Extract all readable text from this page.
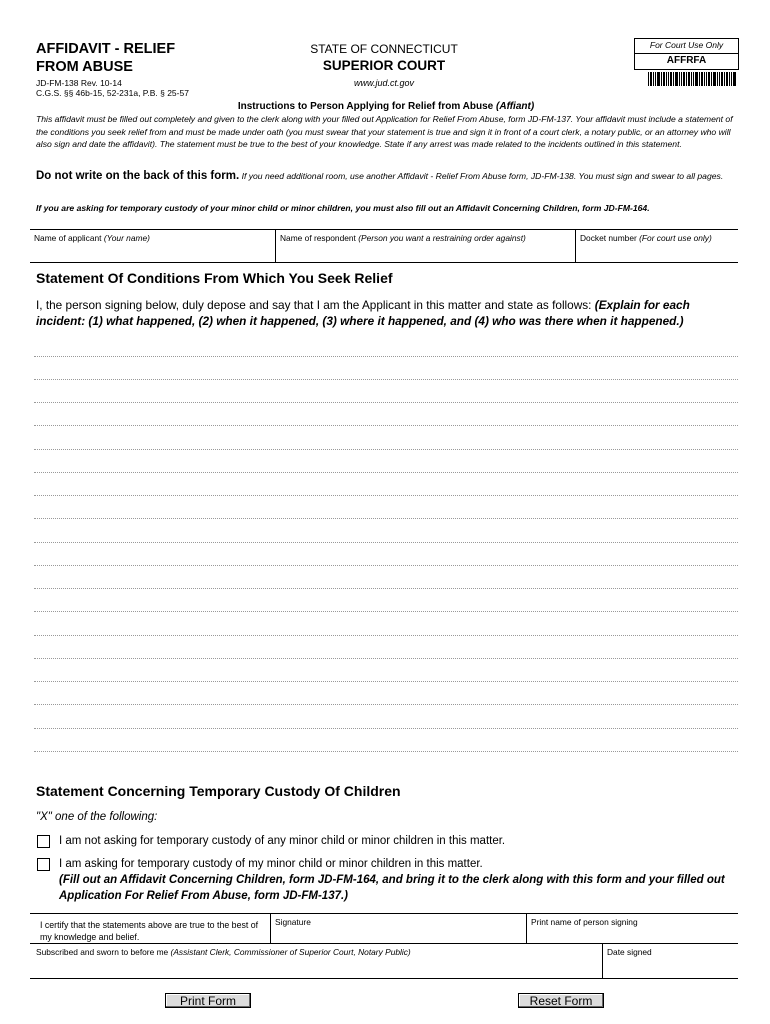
AFFIDAVIT - RELIEF
FROM ABUSE
JD-FM-138 Rev. 10-14
C.G.S. §§ 46b-15, 52-231a, P.B. § 25-57
STATE OF CONNECTICUT
SUPERIOR COURT
www.jud.ct.gov
For Court Use Only
AFFRFA
Instructions to Person Applying for Relief from Abuse (Affiant)
This affidavit must be filled out completely and given to the clerk along with your filled out Application for Relief From Abuse, form JD-FM-137. Your affidavit must include a statement of the conditions you seek relief from and must be made under oath (you must swear that your statement is true and sign it in front of a court clerk, a notary public, or an attorney who will also sign and date the affidavit). The statement must be true to the best of your knowledge. State if any arrest was made related to the incidents outlined in this statement.
Do not write on the back of this form. If you need additional room, use another Affidavit - Relief From Abuse form, JD-FM-138. You must sign and swear to all pages.
If you are asking for temporary custody of your minor child or minor children, you must also fill out an Affidavit Concerning Children, form JD-FM-164.
Name of applicant (Your name)	Name of respondent (Person you want a restraining order against)	Docket number (For court use only)
Statement Of Conditions From Which You Seek Relief
I, the person signing below, duly depose and say that I am the Applicant in this matter and state as follows: (Explain for each incident: (1) what happened, (2) when it happened, (3) where it happened, and (4) who was there when it happened.)
Statement Concerning Temporary Custody Of Children
"X" one of the following:
I am not asking for temporary custody of any minor child or minor children in this matter.
I am asking for temporary custody of my minor child or minor children in this matter.
(Fill out an Affidavit Concerning Children, form JD-FM-164, and bring it to the clerk along with this form and your filled out Application For Relief From Abuse, form JD-FM-137.)
I certify that the statements above are true to the best of my knowledge and belief.
Signature	Print name of person signing
Subscribed and sworn to before me (Assistant Clerk, Commissioner of Superior Court, Notary Public)	Date signed
Print Form	Reset Form
